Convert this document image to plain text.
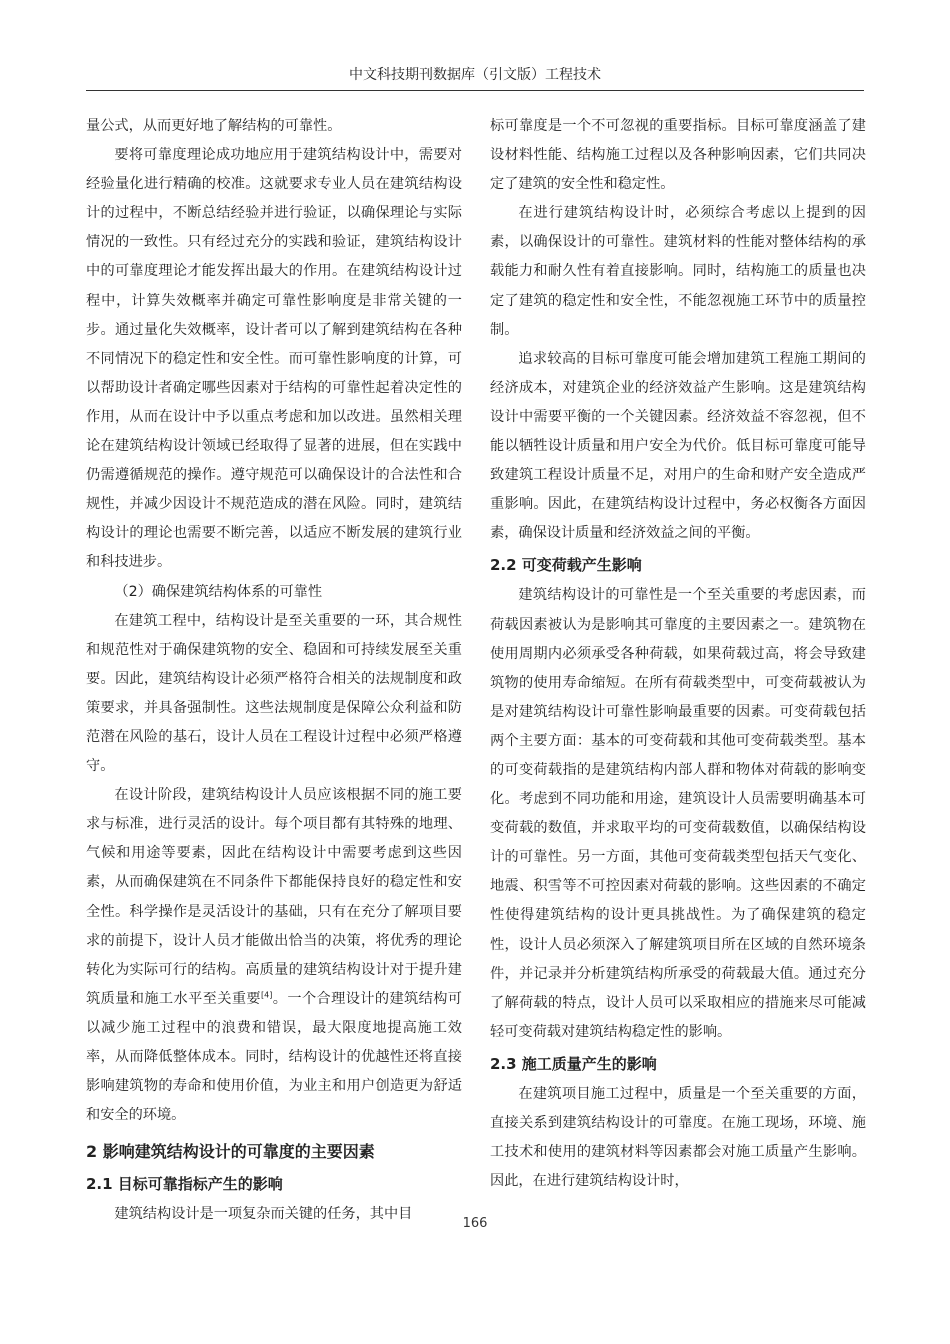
中文科技期刊数据库（引文版）工程技术

量公式，从而更好地了解结构的可靠性。

要将可靠度理论成功地应用于建筑结构设计中，需要对经验量化进行精确的校准。这就要求专业人员在建筑结构设计的过程中，不断总结经验并进行验证，以确保理论与实际情况的一致性。只有经过充分的实践和验证，建筑结构设计中的可靠度理论才能发挥出最大的作用。在建筑结构设计过程中，计算失效概率并确定可靠性影响度是非常关键的一步。通过量化失效概率，设计者可以了解到建筑结构在各种不同情况下的稳定性和安全性。而可靠性影响度的计算，可以帮助设计者确定哪些因素对于结构的可靠性起着决定性的作用，从而在设计中予以重点考虑和加以改进。虽然相关理论在建筑结构设计领域已经取得了显著的进展，但在实践中仍需遵循规范的操作。遵守规范可以确保设计的合法性和合规性，并减少因设计不规范造成的潜在风险。同时，建筑结构设计的理论也需要不断完善，以适应不断发展的建筑行业和科技进步。

（2）确保建筑结构体系的可靠性

在建筑工程中，结构设计是至关重要的一环，其合规性和规范性对于确保建筑物的安全、稳固和可持续发展至关重要。因此，建筑结构设计必须严格符合相关的法规制度和政策要求，并具备强制性。这些法规制度是保障公众利益和防范潜在风险的基石，设计人员在工程设计过程中必须严格遵守。

在设计阶段，建筑结构设计人员应该根据不同的施工要求与标准，进行灵活的设计。每个项目都有其特殊的地理、气候和用途等要素，因此在结构设计中需要考虑到这些因素，从而确保建筑在不同条件下都能保持良好的稳定性和安全性。科学操作是灵活设计的基础，只有在充分了解项目要求的前提下，设计人员才能做出恰当的决策，将优秀的理论转化为实际可行的结构。高质量的建筑结构设计对于提升建筑质量和施工水平至关重要[4]。一个合理设计的建筑结构可以减少施工过程中的浪费和错误，最大限度地提高施工效率，从而降低整体成本。同时，结构设计的优越性还将直接影响建筑物的寿命和使用价值，为业主和用户创造更为舒适和安全的环境。

2 影响建筑结构设计的可靠度的主要因素
2.1 目标可靠指标产生的影响

建筑结构设计是一项复杂而关键的任务，其中目

标可靠度是一个不可忽视的重要指标。目标可靠度涵盖了建设材料性能、结构施工过程以及各种影响因素，它们共同决定了建筑的安全性和稳定性。

在进行建筑结构设计时，必须综合考虑以上提到的因素，以确保设计的可靠性。建筑材料的性能对整体结构的承载能力和耐久性有着直接影响。同时，结构施工的质量也决定了建筑的稳定性和安全性，不能忽视施工环节中的质量控制。

追求较高的目标可靠度可能会增加建筑工程施工期间的经济成本，对建筑企业的经济效益产生影响。这是建筑结构设计中需要平衡的一个关键因素。经济效益不容忽视，但不能以牺牲设计质量和用户安全为代价。低目标可靠度可能导致建筑工程设计质量不足，对用户的生命和财产安全造成严重影响。因此，在建筑结构设计过程中，务必权衡各方面因素，确保设计质量和经济效益之间的平衡。

2.2 可变荷载产生影响

建筑结构设计的可靠性是一个至关重要的考虑因素，而荷载因素被认为是影响其可靠度的主要因素之一。建筑物在使用周期内必须承受各种荷载，如果荷载过高，将会导致建筑物的使用寿命缩短。在所有荷载类型中，可变荷载被认为是对建筑结构设计可靠性影响最重要的因素。可变荷载包括两个主要方面：基本的可变荷载和其他可变荷载类型。基本的可变荷载指的是建筑结构内部人群和物体对荷载的影响变化。考虑到不同功能和用途，建筑设计人员需要明确基本可变荷载的数值，并求取平均的可变荷载数值，以确保结构设计的可靠性。另一方面，其他可变荷载类型包括天气变化、地震、积雪等不可控因素对荷载的影响。这些因素的不确定性使得建筑结构的设计更具挑战性。为了确保建筑的稳定性，设计人员必须深入了解建筑项目所在区域的自然环境条件，并记录并分析建筑结构所承受的荷载最大值。通过充分了解荷载的特点，设计人员可以采取相应的措施来尽可能减轻可变荷载对建筑结构稳定性的影响。

2.3 施工质量产生的影响

在建筑项目施工过程中，质量是一个至关重要的方面，直接关系到建筑结构设计的可靠度。在施工现场，环境、施工技术和使用的建筑材料等因素都会对施工质量产生影响。因此，在进行建筑结构设计时，

166
